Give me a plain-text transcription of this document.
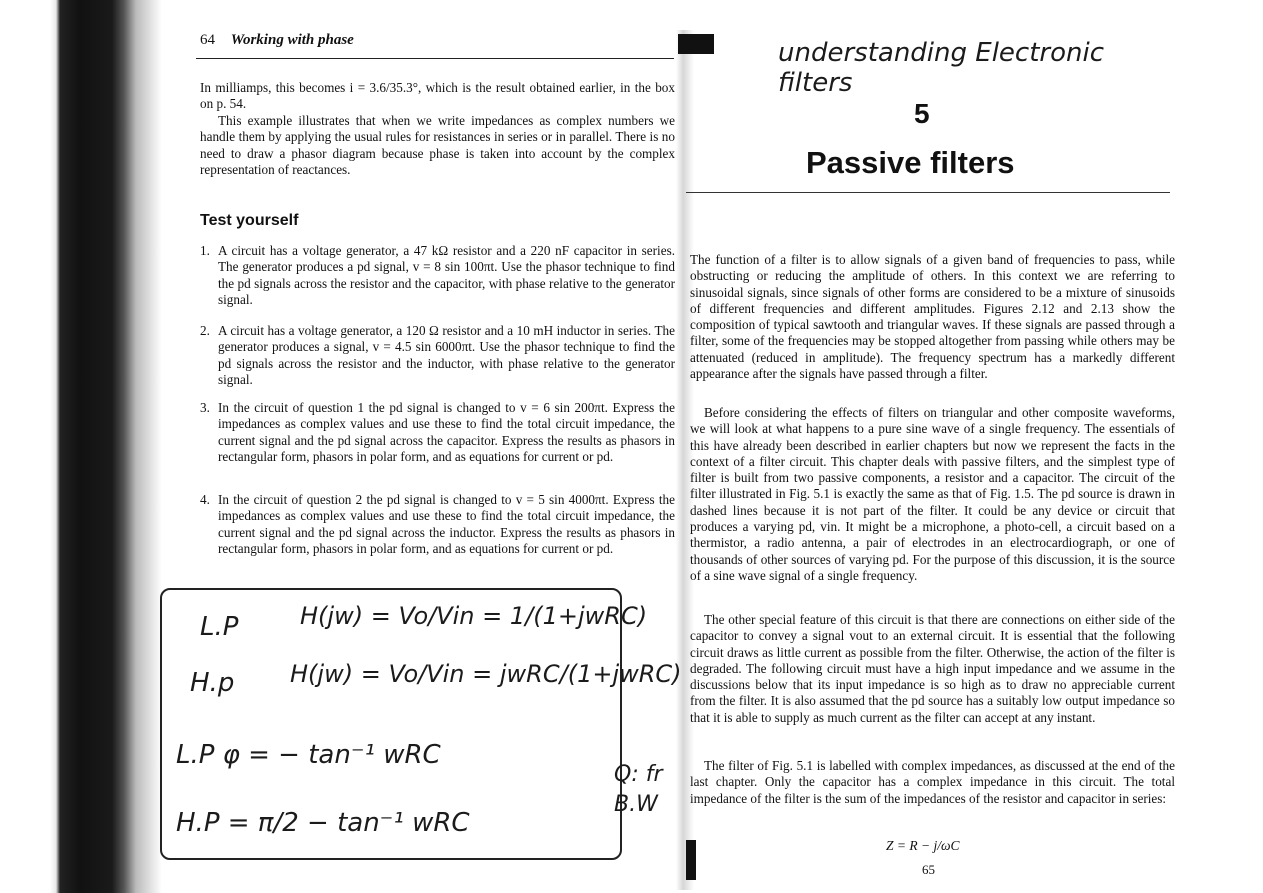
64 Working with phase

In milliamps, this becomes i = 3.6/35.3°, which is the result obtained earlier, in the box on p. 54.

This example illustrates that when we write impedances as complex numbers we handle them by applying the usual rules for resistances in series or in parallel. There is no need to draw a phasor diagram because phase is taken into account by the complex representation of reactances.

Test yourself
1. A circuit has a voltage generator, a 47 kΩ resistor and a 220 nF capacitor in series. The generator produces a pd signal, v = 8 sin 100πt. Use the phasor technique to find the pd signals across the resistor and the capacitor, with phase relative to the generator signal.
2. A circuit has a voltage generator, a 120 Ω resistor and a 10 mH inductor in series. The generator produces a signal, v = 4.5 sin 6000πt. Use the phasor technique to find the pd signals across the resistor and the inductor, with phase relative to the generator signal.
3. In the circuit of question 1 the pd signal is changed to v = 6 sin 200πt. Express the impedances as complex values and use these to find the total circuit impedance, the current signal and the pd signal across the capacitor. Express the results as phasors in rectangular form, phasors in polar form, and as equations for current or pd.
4. In the circuit of question 2 the pd signal is changed to v = 5 sin 4000πt. Express the impedances as complex values and use these to find the total circuit impedance, the current signal and the pd signal across the inductor. Express the results as phasors in rectangular form, phasors in polar form, and as equations for current or pd.
understanding Electronic filters
L.P	H(jw) = Vo/Vin = 1/(1+jwRC)
H.p H(jw) = Vo/Vin = jwRC/(1+jwRC)
L.P φ = − tan⁻¹ wRC
H.P = π/2 − tan⁻¹ wRC
Q: fr B.W
5
Passive filters

The function of a filter is to allow signals of a given band of frequencies to pass, while obstructing or reducing the amplitude of others. In this context we are referring to sinusoidal signals, since signals of other forms are considered to be a mixture of sinusoids of different frequencies and different amplitudes. Figures 2.12 and 2.13 show the composition of typical sawtooth and triangular waves. If these signals are passed through a filter, some of the frequencies may be stopped altogether from passing while others may be attenuated (reduced in amplitude). The frequency spectrum has a markedly different appearance after the signals have passed through a filter.

Before considering the effects of filters on triangular and other composite waveforms, we will look at what happens to a pure sine wave of a single frequency. The essentials of this have already been described in earlier chapters but now we represent the facts in the context of a filter circuit. This chapter deals with passive filters, and the simplest type of filter is built from two passive components, a resistor and a capacitor. The circuit of the filter illustrated in Fig. 5.1 is exactly the same as that of Fig. 1.5. The pd source is drawn in dashed lines because it is not part of the filter. It could be any device or circuit that produces a varying pd, vin. It might be a microphone, a photo-cell, a circuit based on a thermistor, a radio antenna, a pair of electrodes in an electrocardiograph, or one of thousands of other sources of varying pd. For the purpose of this discussion, it is the source of a sine wave signal of a single frequency.

The other special feature of this circuit is that there are connections on either side of the capacitor to convey a signal vout to an external circuit. It is essential that the following circuit draws as little current as possible from the filter. Otherwise, the action of the filter is degraded. The following circuit must have a high input impedance and we assume in the discussions below that its input impedance is so high as to draw no appreciable current from the filter. It is also assumed that the pd source has a suitably low output impedance so that it is able to supply as much current as the filter can accept at any instant.

The filter of Fig. 5.1 is labelled with complex impedances, as discussed at the end of the last chapter. Only the capacitor has a complex impedance in this circuit. The total impedance of the filter is the sum of the impedances of the resistor and capacitor in series:

Z = R − j/ωC
65
